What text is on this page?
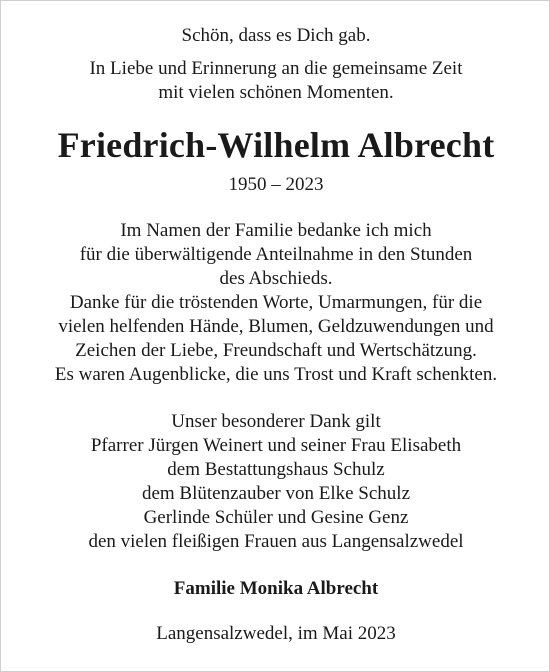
Schön, dass es Dich gab.
In Liebe und Erinnerung an die gemeinsame Zeit
mit vielen schönen Momenten.
Friedrich-Wilhelm Albrecht
1950 – 2023
Im Namen der Familie bedanke ich mich
für die überwältigende Anteilnahme in den Stunden
des Abschieds.
Danke für die tröstenden Worte, Umarmungen, für die
vielen helfenden Hände, Blumen, Geldzuwendungen und
Zeichen der Liebe, Freundschaft und Wertschätzung.
Es waren Augenblicke, die uns Trost und Kraft schenkten.
Unser besonderer Dank gilt
Pfarrer Jürgen Weinert und seiner Frau Elisabeth
dem Bestattungshaus Schulz
dem Blütenzauber von Elke Schulz
Gerlinde Schüler und Gesine Genz
den vielen fleißigen Frauen aus Langensalzwedel
Familie Monika Albrecht
Langensalzwedel, im Mai 2023
